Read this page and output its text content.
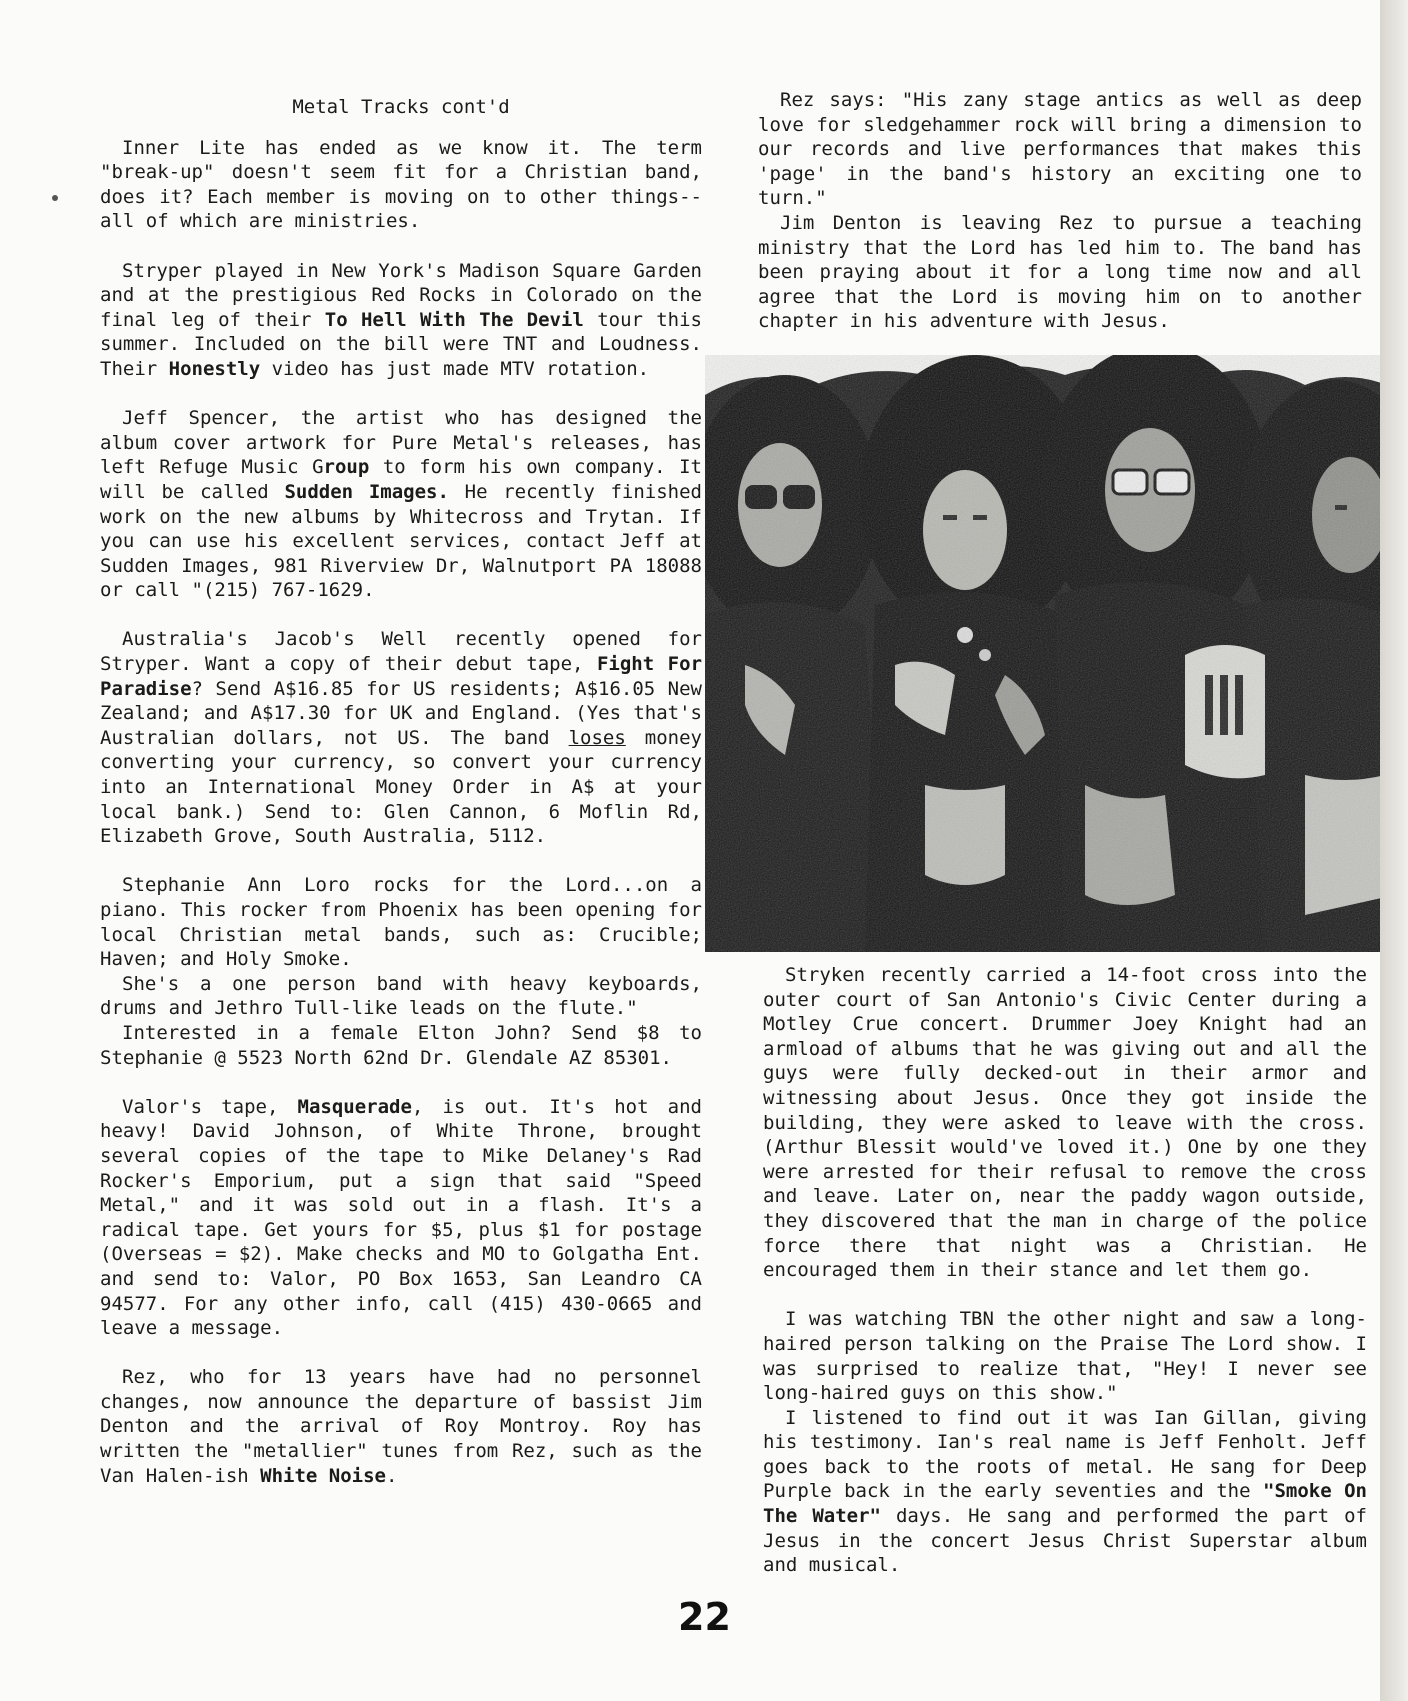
Metal Tracks cont'd

Inner Lite has ended as we know it. The term "break-up" doesn't seem fit for a Christian band, does it? Each member is moving on to other things--all of which are ministries.

Stryper played in New York's Madison Square Garden and at the prestigious Red Rocks in Colorado on the final leg of their To Hell With The Devil tour this summer. Included on the bill were TNT and Loudness. Their Honestly video has just made MTV rotation.

Jeff Spencer, the artist who has designed the album cover artwork for Pure Metal's releases, has left Refuge Music Group to form his own company. It will be called Sudden Images. He recently finished work on the new albums by Whitecross and Trytan. If you can use his excellent services, contact Jeff at Sudden Images, 981 Riverview Dr, Walnutport PA 18088 or call "(215) 767-1629.

Australia's Jacob's Well recently opened for Stryper. Want a copy of their debut tape, Fight For Paradise? Send A$16.85 for US residents; A$16.05 New Zealand; and A$17.30 for UK and England. (Yes that's Australian dollars, not US. The band loses money converting your currency, so convert your currency into an International Money Order in A$ at your local bank.) Send to: Glen Cannon, 6 Moflin Rd, Elizabeth Grove, South Australia, 5112.

Stephanie Ann Loro rocks for the Lord...on a piano. This rocker from Phoenix has been opening for local Christian metal bands, such as: Crucible; Haven; and Holy Smoke.

She's a one person band with heavy keyboards, drums and Jethro Tull-like leads on the flute."

Interested in a female Elton John? Send $8 to Stephanie @ 5523 North 62nd Dr. Glendale AZ 85301.

Valor's tape, Masquerade, is out. It's hot and heavy! David Johnson, of White Throne, brought several copies of the tape to Mike Delaney's Rad Rocker's Emporium, put a sign that said "Speed Metal," and it was sold out in a flash. It's a radical tape. Get yours for $5, plus $1 for postage (Overseas = $2). Make checks and MO to Golgatha Ent. and send to: Valor, PO Box 1653, San Leandro CA 94577. For any other info, call (415) 430-0665 and leave a message.

Rez, who for 13 years have had no personnel changes, now announce the departure of bassist Jim Denton and the arrival of Roy Montroy. Roy has written the "metallier" tunes from Rez, such as the Van Halen-ish White Noise.

Rez says: "His zany stage antics as well as deep love for sledgehammer rock will bring a dimension to our records and live performances that makes this 'page' in the band's history an exciting one to turn."

Jim Denton is leaving Rez to pursue a teaching ministry that the Lord has led him to. The band has been praying about it for a long time now and all agree that the Lord is moving him on to another chapter in his adventure with Jesus.

Stryken recently carried a 14-foot cross into the outer court of San Antonio's Civic Center during a Motley Crue concert. Drummer Joey Knight had an armload of albums that he was giving out and all the guys were fully decked-out in their armor and witnessing about Jesus. Once they got inside the building, they were asked to leave with the cross. (Arthur Blessit would've loved it.) One by one they were arrested for their refusal to remove the cross and leave. Later on, near the paddy wagon outside, they discovered that the man in charge of the police force there that night was a Christian. He encouraged them in their stance and let them go.

I was watching TBN the other night and saw a long-haired person talking on the Praise The Lord show. I was surprised to realize that, "Hey! I never see long-haired guys on this show."

I listened to find out it was Ian Gillan, giving his testimony. Ian's real name is Jeff Fenholt. Jeff goes back to the roots of metal. He sang for Deep Purple back in the early seventies and the "Smoke On The Water" days. He sang and performed the part of Jesus in the concert Jesus Christ Superstar album and musical.

22
